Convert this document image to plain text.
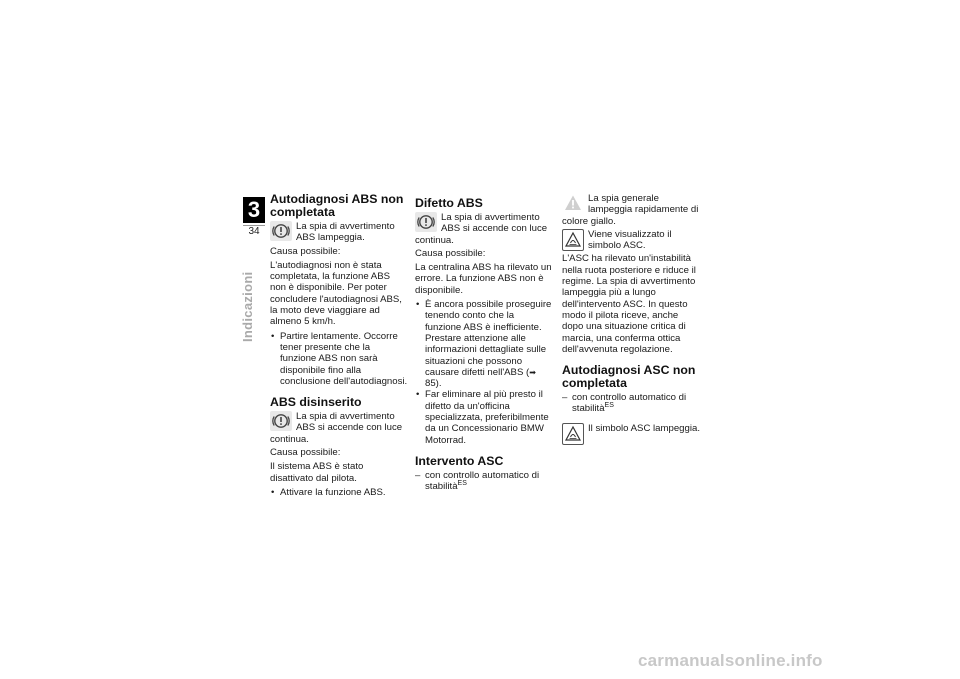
3
34
Indicazioni
Autodiagnosi ABS non completata
La spia di avvertimento ABS lampeggia.

Causa possibile:

L'autodiagnosi non è stata completata, la funzione ABS non è disponibile. Per poter concludere l'autodiagnosi ABS, la moto deve viaggiare ad almeno 5 km/h.

• Partire lentamente. Occorre tener presente che la funzione ABS non sarà disponibile fino alla conclusione dell'autodiagnosi.
ABS disinserito
La spia di avvertimento ABS si accende con luce continua.

Causa possibile:

Il sistema ABS è stato disattivato dal pilota.

• Attivare la funzione ABS.
Difetto ABS
La spia di avvertimento ABS si accende con luce continua.

Causa possibile:

La centralina ABS ha rilevato un errore. La funzione ABS non è disponibile.

• È ancora possibile proseguire tenendo conto che la funzione ABS è inefficiente. Prestare attenzione alle informazioni dettagliate sulle situazioni che possono causare difetti nell'ABS (➡ 85).
• Far eliminare al più presto il difetto da un'officina specializzata, preferibilmente da un Concessionario BMW Motorrad.
Intervento ASC
– con controllo automatico di stabilità$^{ES}$
La spia generale lampeggia rapidamente di colore giallo.
Viene visualizzato il simbolo ASC.

L'ASC ha rilevato un'instabilità nella ruota posteriore e riduce il regime. La spia di avvertimento lampeggia più a lungo dell'intervento ASC. In questo modo il pilota riceve, anche dopo una situazione critica di marcia, una conferma ottica dell'avvenuta regolazione.

Autodiagnosi ASC non completata
– con controllo automatico di stabilità$^{ES}$
Il simbolo ASC lampeggia.
carmanualsonline.info
